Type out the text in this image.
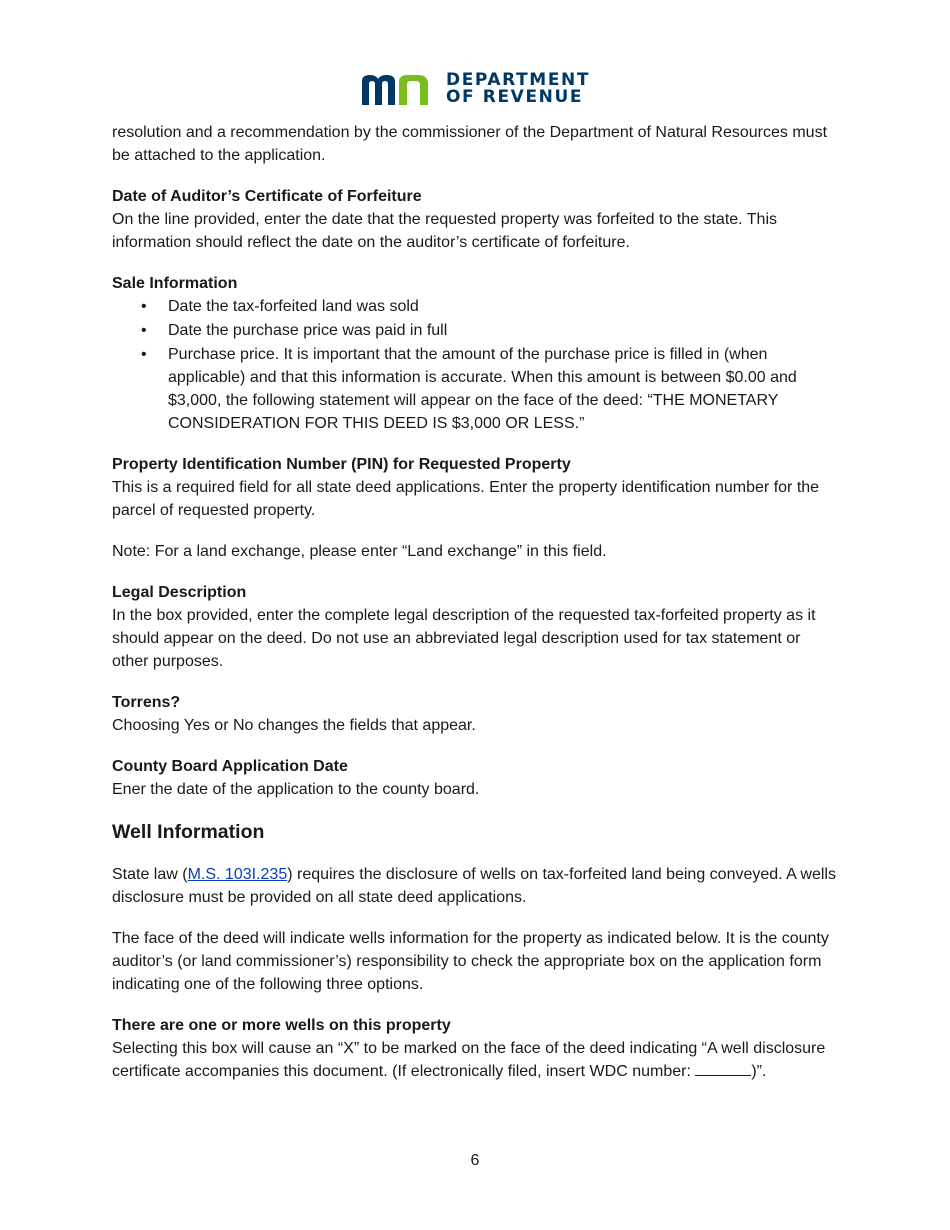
DEPARTMENT
OF REVENUE

resolution and a recommendation by the commissioner of the Department of Natural Resources must be attached to the application.

Date of Auditor’s Certificate of Forfeiture

On the line provided, enter the date that the requested property was forfeited to the state. This information should reflect the date on the auditor’s certificate of forfeiture.

Sale Information
• Date the tax-forfeited land was sold
• Date the purchase price was paid in full
• Purchase price. It is important that the amount of the purchase price is filled in (when applicable) and that this information is accurate. When this amount is between $0.00 and $3,000, the following statement will appear on the face of the deed: “THE MONETARY CONSIDERATION FOR THIS DEED IS $3,000 OR LESS.”
Property Identification Number (PIN) for Requested Property

This is a required field for all state deed applications. Enter the property identification number for the parcel of requested property.

Note: For a land exchange, please enter “Land exchange” in this field.

Legal Description

In the box provided, enter the complete legal description of the requested tax-forfeited property as it should appear on the deed. Do not use an abbreviated legal description used for tax statement or other purposes.

Torrens?

Choosing Yes or No changes the fields that appear.

County Board Application Date

Ener the date of the application to the county board.

Well Information

State law (M.S. 103I.235) requires the disclosure of wells on tax-forfeited land being conveyed. A wells disclosure must be provided on all state deed applications.

The face of the deed will indicate wells information for the property as indicated below. It is the county auditor’s (or land commissioner’s) responsibility to check the appropriate box on the application form indicating one of the following three options.

There are one or more wells on this property

Selecting this box will cause an “X” to be marked on the face of the deed indicating “A well disclosure certificate accompanies this document. (If electronically filed, insert WDC number:	)”.

6
